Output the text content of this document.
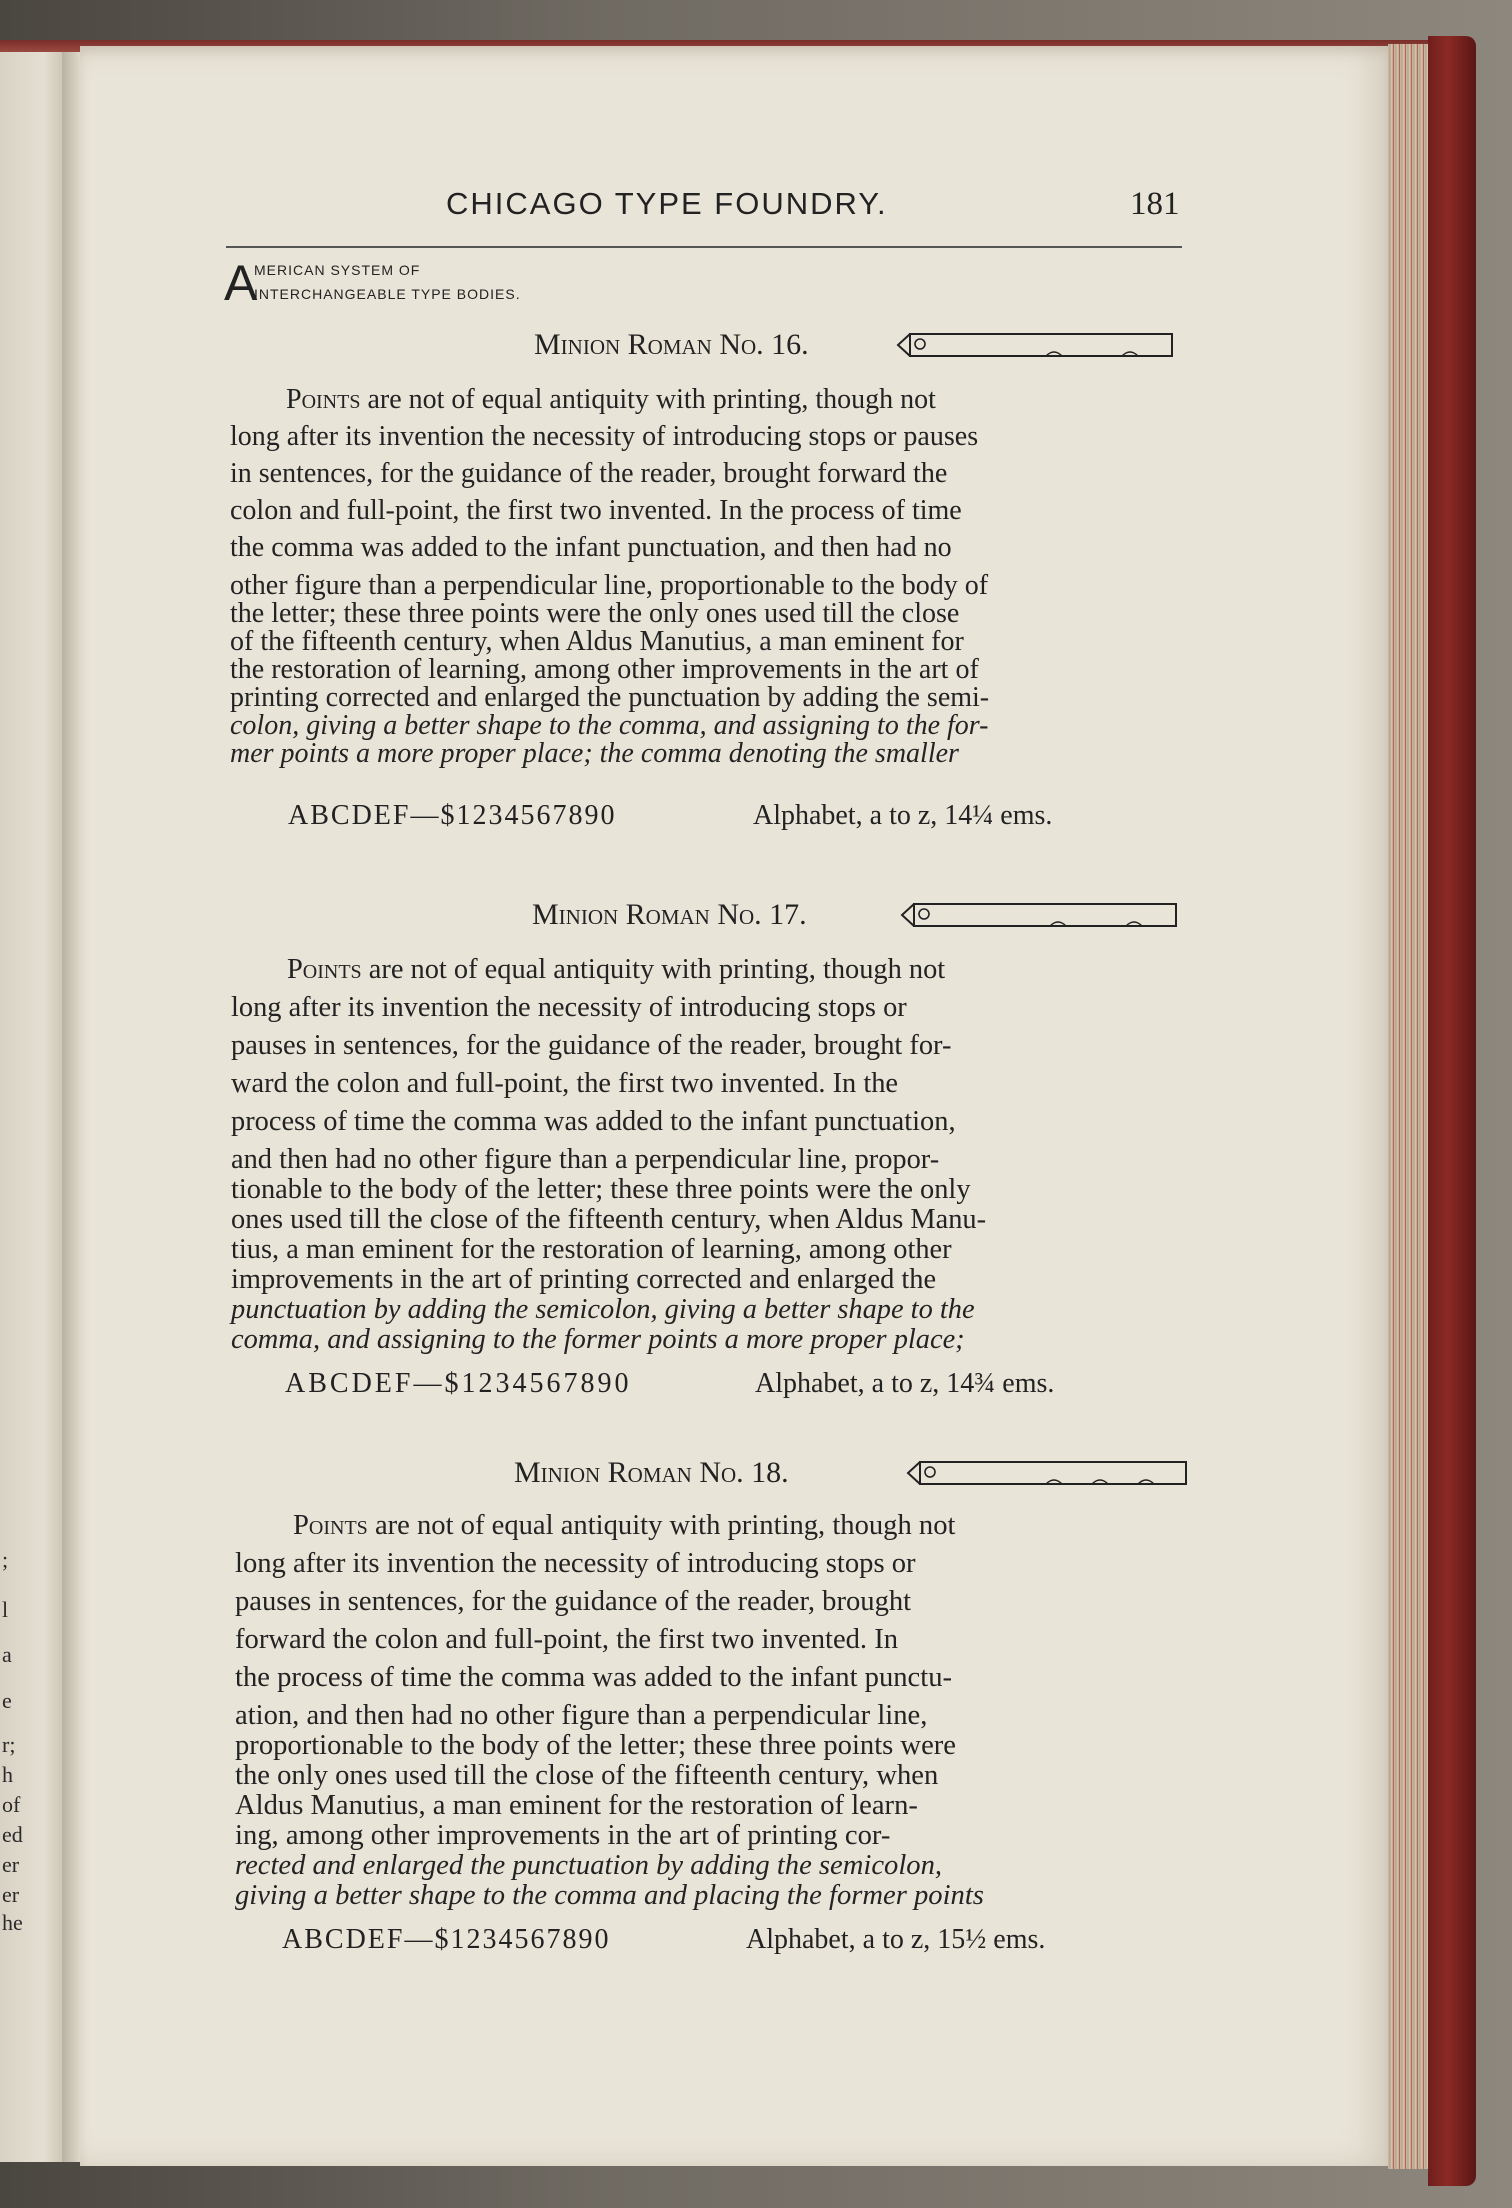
;
l
a
e
r;
h
of
ed
er
er
he
CHICAGO TYPE FOUNDRY.	181
A
MERICAN SYSTEM OF
INTERCHANGEABLE TYPE BODIES.
Minion Roman No. 16.
Points are not of equal antiquity with printing, though not
long after its invention the necessity of introducing stops or pauses
in sentences, for the guidance of the reader, brought forward the
colon and full-point, the first two invented. In the process of time
the comma was added to the infant punctuation, and then had no
other figure than a perpendicular line, proportionable to the body of
the letter; these three points were the only ones used till the close
of the fifteenth century, when Aldus Manutius, a man eminent for
the restoration of learning, among other improvements in the art of
printing corrected and enlarged the punctuation by adding the semi-
colon, giving a better shape to the comma, and assigning to the for-
mer points a more proper place; the comma denoting the smaller
ABCDEF—$1234567890	Alphabet, a to z, 14¼ ems.
Minion Roman No. 17.
Points are not of equal antiquity with printing, though not
long after its invention the necessity of introducing stops or
pauses in sentences, for the guidance of the reader, brought for-
ward the colon and full-point, the first two invented. In the
process of time the comma was added to the infant punctuation,
and then had no other figure than a perpendicular line, propor-
tionable to the body of the letter; these three points were the only
ones used till the close of the fifteenth century, when Aldus Manu-
tius, a man eminent for the restoration of learning, among other
improvements in the art of printing corrected and enlarged the
punctuation by adding the semicolon, giving a better shape to the
comma, and assigning to the former points a more proper place;
ABCDEF—$1234567890	Alphabet, a to z, 14¾ ems.
Minion Roman No. 18.
Points are not of equal antiquity with printing, though not
long after its invention the necessity of introducing stops or
pauses in sentences, for the guidance of the reader, brought
forward the colon and full-point, the first two invented. In
the process of time the comma was added to the infant punctu-
ation, and then had no other figure than a perpendicular line,
proportionable to the body of the letter; these three points were
the only ones used till the close of the fifteenth century, when
Aldus Manutius, a man eminent for the restoration of learn-
ing, among other improvements in the art of printing cor-
rected and enlarged the punctuation by adding the semicolon,
giving a better shape to the comma and placing the former points
ABCDEF—$1234567890	Alphabet, a to z, 15½ ems.
